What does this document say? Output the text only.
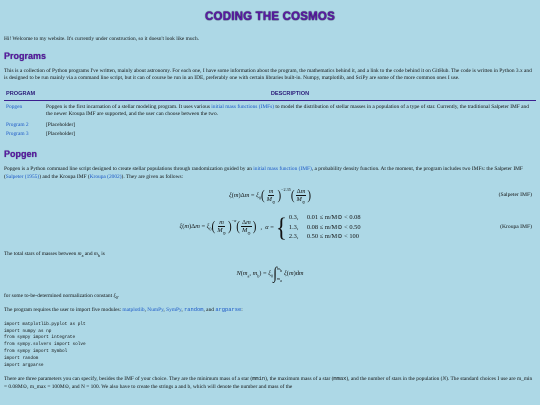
CODING THE COSMOS

Hi! Welcome to my website. It's currently under construction, so it doesn't look like much.

Programs

This is a collection of Python programs I've written, mainly about astronomy. For each one, I have some information about the program, the mathematics behind it, and a link to the code behind it on GitHub. The code is written in Python 3.x and is designed to be run mainly via a command line script, but it can of course be run in an IDE, preferably one with certain libraries built-in. Numpy, matplotlib, and SciPy are some of the more common ones I use.

PROGRAM	DESCRIPTION
Popgen	Popgen is the first incarnation of a stellar modeling program. It uses various initial mass functions (IMFs) to model the distribution of stellar masses in a population of a type of star. Currently, the traditional Salpeter IMF and the newer Kroupa IMF are supported, and the user can choose between the two.
Program 2	[Placeholder]
Program 3	[Placeholder]
Popgen

Popgen is a Python command line script designed to create stellar populations through randomization guided by an initial mass function (IMF), a probability density function. At the moment, the program includes two IMFs: the Salpeter IMF (Salpeter (1955)) and the Kroupa IMF (Kroupa (2002)). They are given as follows:

$\xi(m)\Delta m = \xi_0$ ( $\frac{m}{M_⊙} )^{-2.35}$ ( $\frac{\Delta m}{M_⊙}$ )	(Salpeter IMF)
$\xi(m)\Delta m = \xi_0$ ( $\frac{m}{M_⊙} )^{-\alpha}$ ( $\frac{\Delta m}{M_⊙}$ ) ,  α = { 0.3,	0.01 ≤ m/M⊙ < 0.08
1.3,	0.08 ≤ m/M⊙ < 0.50
2.3,	0.50 ≤ m/M⊙ < 100
(Kroupa IMF)

The total stars of masses between $m_a$ and $m_b$ is

$N(m_a$, $m_b) = \xi_0$ ∫ $m_b$
$m_a$
ξ(m)dm

for some to-be-determined normalization constant $\xi_0$.

The program requires the user to import five modules: matplotlib, NumPy, SymPy, random, and argparse:

import matplotlib.pyplot as plt
import numpy as np
from sympy import integrate
from sympy.solvers import solve
from sympy import Symbol
import random
import argparse

There are three parameters you can specify, besides the IMF of your choice. They are the minimum mass of a star (mmin), the maximum mass of a star (mmax), and the number of stars in the population (N). The standard choices I use are m_min = 0.08M⊙, m_max = 100M⊙, and N = 100. We also have to create the strings a and b, which will denote the number and mass of the
